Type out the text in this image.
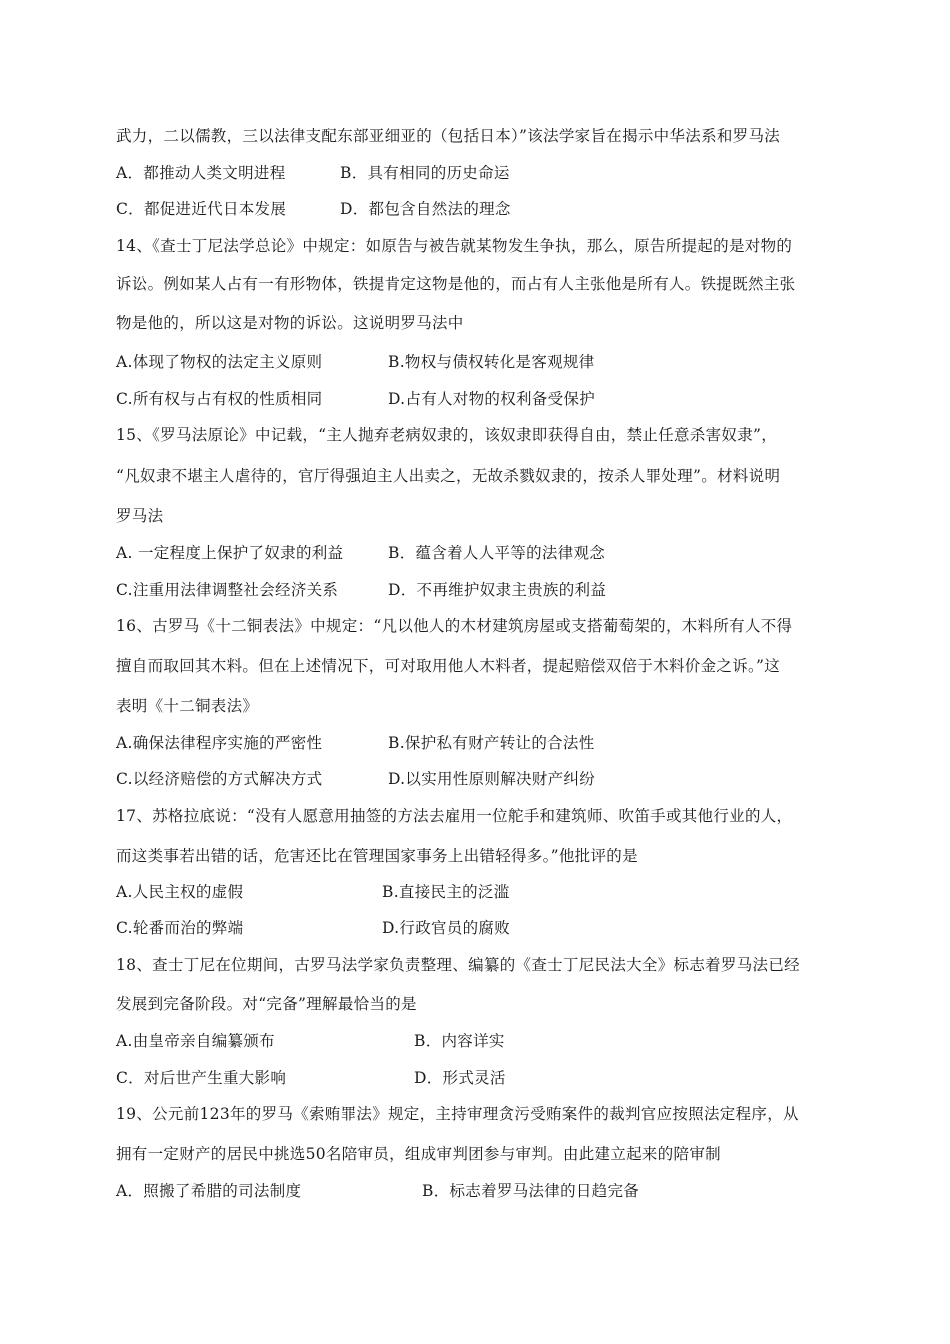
武力，二以儒教，三以法律支配东部亚细亚的（包括日本）”该法学家旨在揭示中华法系和罗马法
A．都推动人类文明进程	B．具有相同的历史命运
C．都促进近代日本发展	D．都包含自然法的理念
14、《查士丁尼法学总论》中规定：如原告与被告就某物发生争执，那么，原告所提起的是对物的
诉讼。例如某人占有一有形物体，铁提肯定这物是他的，而占有人主张他是所有人。铁提既然主张
物是他的，所以这是对物的诉讼。这说明罗马法中
A.体现了物权的法定主义原则	B.物权与债权转化是客观规律
C.所有权与占有权的性质相同	D.占有人对物的权利备受保护
15、《罗马法原论》中记载，“主人抛弃老病奴隶的，该奴隶即获得自由，禁止任意杀害奴隶”，
“凡奴隶不堪主人虐待的，官厅得强迫主人出卖之，无故杀戮奴隶的，按杀人罪处理”。材料说明
罗马法
A. 一定程度上保护了奴隶的利益	B．蕴含着人人平等的法律观念
C.注重用法律调整社会经济关系	D．不再维护奴隶主贵族的利益
16、古罗马《十二铜表法》中规定：“凡以他人的木材建筑房屋或支搭葡萄架的，木料所有人不得
擅自而取回其木料。但在上述情况下，可对取用他人木料者，提起赔偿双倍于木料价金之诉。”这
表明《十二铜表法》
A.确保法律程序实施的严密性	B.保护私有财产转让的合法性
C.以经济赔偿的方式解决方式	D.以实用性原则解决财产纠纷
17、苏格拉底说：“没有人愿意用抽签的方法去雇用一位舵手和建筑师、吹笛手或其他行业的人，
而这类事若出错的话，危害还比在管理国家事务上出错轻得多。”他批评的是
A.人民主权的虚假	B.直接民主的泛滥
C.轮番而治的弊端	D.行政官员的腐败
18、查士丁尼在位期间，古罗马法学家负责整理、编纂的《查士丁尼民法大全》标志着罗马法已经
发展到完备阶段。对“完备”理解最恰当的是
A.由皇帝亲自编纂颁布	B．内容详实
C．对后世产生重大影响	D．形式灵活
19、公元前123年的罗马《索贿罪法》规定，主持审理贪污受贿案件的裁判官应按照法定程序，从
拥有一定财产的居民中挑选50名陪审员，组成审判团参与审判。由此建立起来的陪审制
A．照搬了希腊的司法制度	B．标志着罗马法律的日趋完备
